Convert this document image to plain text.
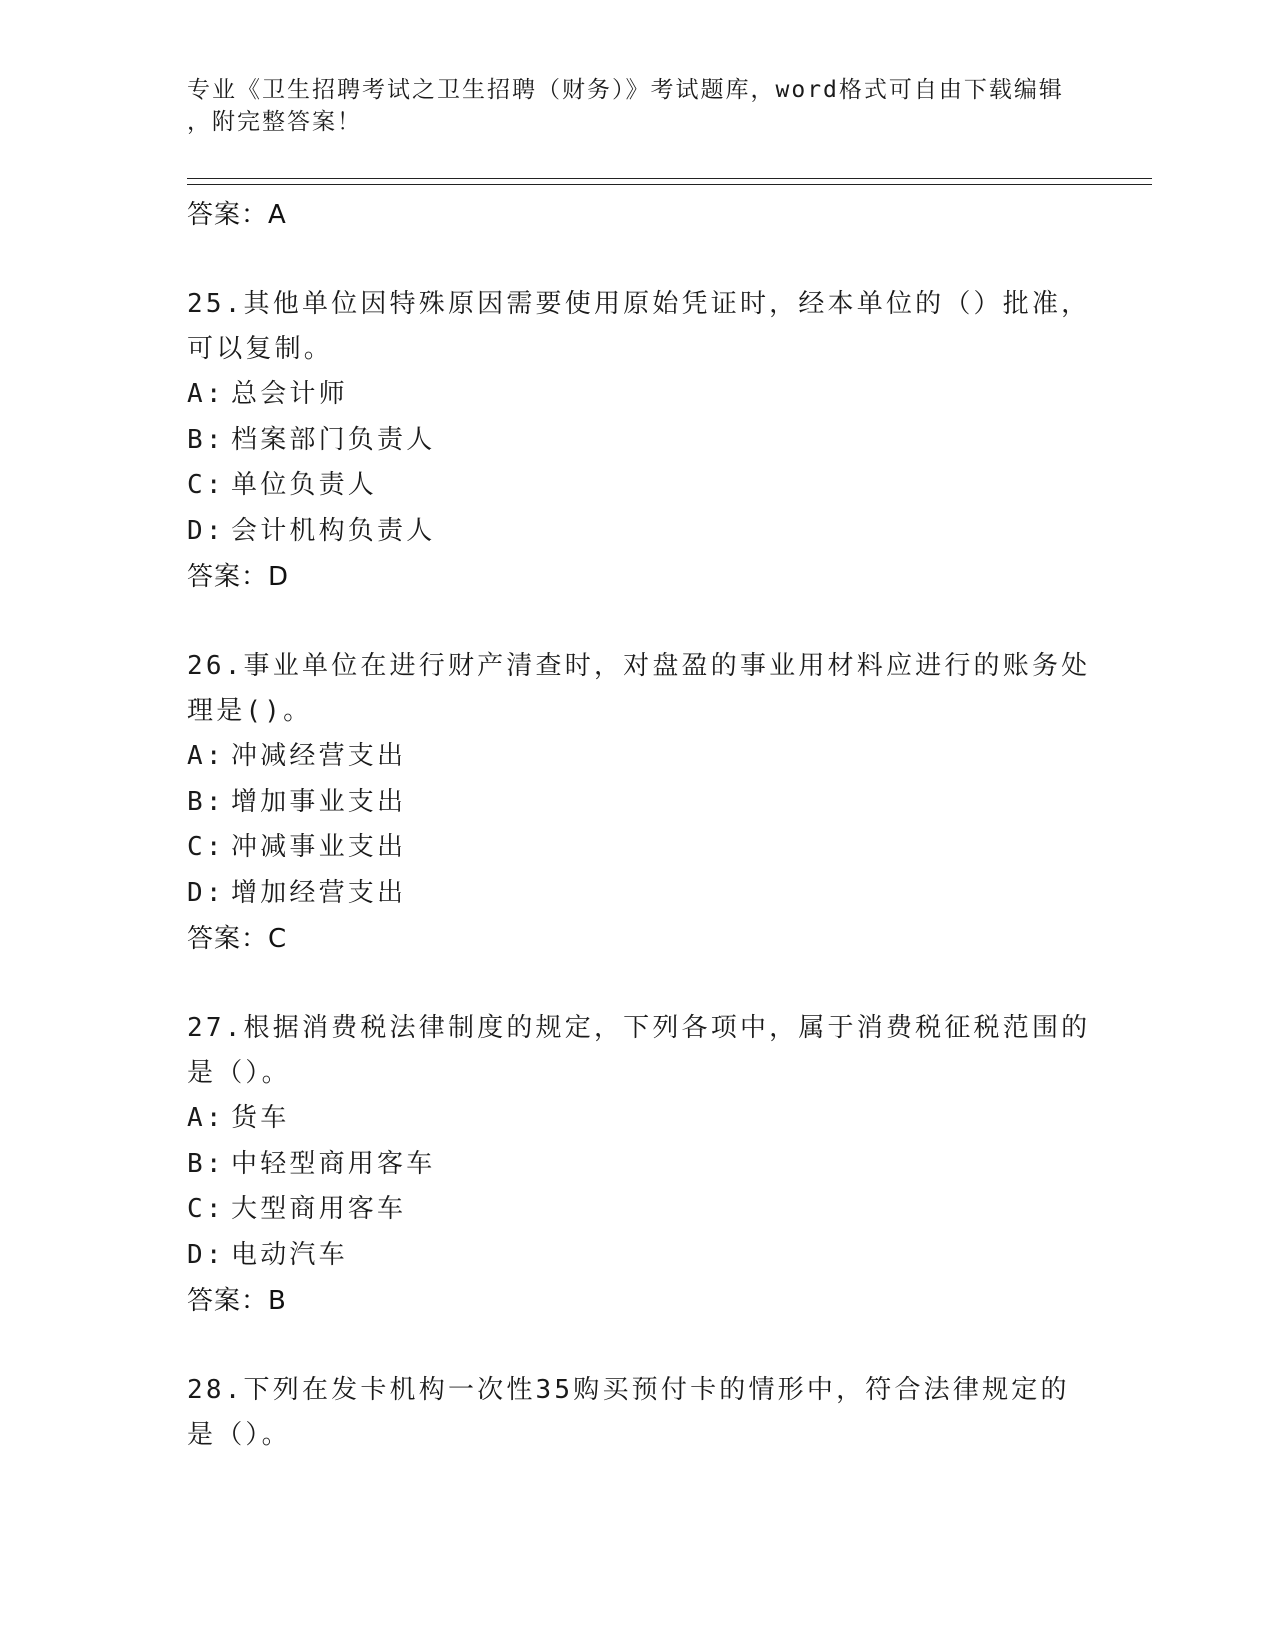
专业《卫生招聘考试之卫生招聘（财务）》考试题库，word格式可自由下载编辑
，附完整答案！
答案：A
25.其他单位因特殊原因需要使用原始凭证时，经本单位的（）批准，
可以复制。
A: 总会计师
B: 档案部门负责人
C: 单位负责人
D: 会计机构负责人
答案：D
26.事业单位在进行财产清查时，对盘盈的事业用材料应进行的账务处
理是()。
A: 冲减经营支出
B: 增加事业支出
C: 冲减事业支出
D: 增加经营支出
答案：C
27.根据消费税法律制度的规定，下列各项中，属于消费税征税范围的
是（）。
A: 货车
B: 中轻型商用客车
C: 大型商用客车
D: 电动汽车
答案：B
28.下列在发卡机构一次性35购买预付卡的情形中，符合法律规定的
是（）。
